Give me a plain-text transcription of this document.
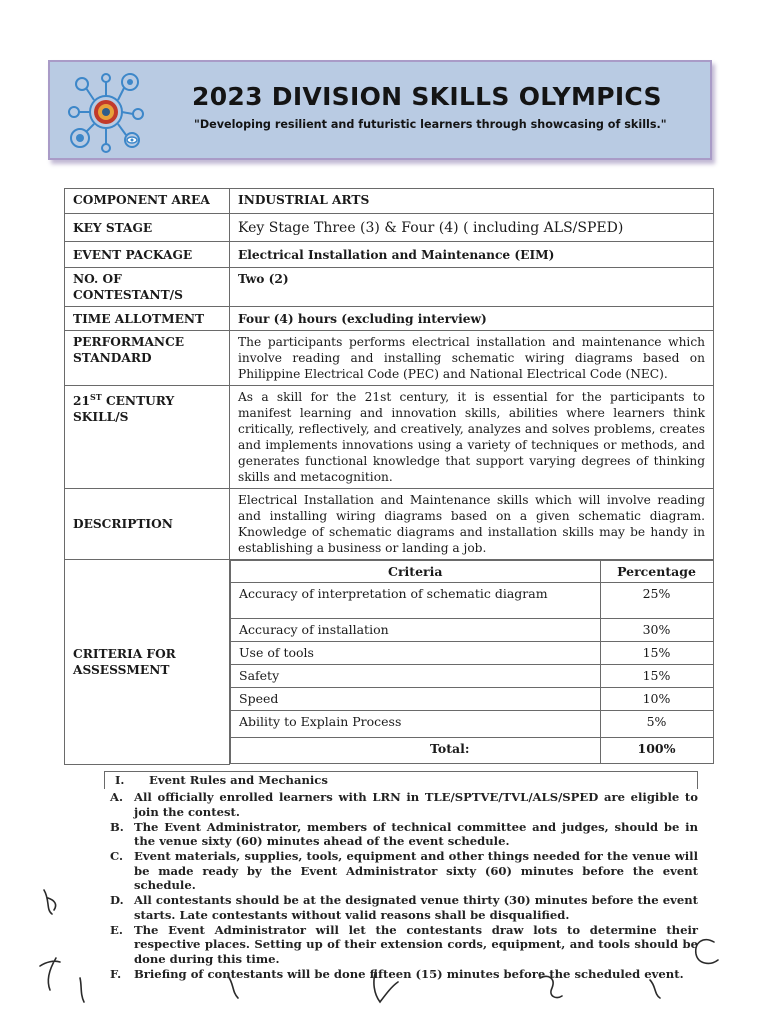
2023 DIVISION SKILLS OLYMPICS
"Developing resilient and futuristic learners through showcasing of skills."
COMPONENT AREA	INDUSTRIAL ARTS
KEY STAGE	Key Stage Three (3) & Four (4) ( including ALS/SPED)
EVENT PACKAGE	Electrical Installation and Maintenance (EIM)
NO. OF CONTESTANT/S	Two (2)
TIME ALLOTMENT	Four (4) hours (excluding interview)
PERFORMANCE STANDARD	The participants performs electrical installation and maintenance which involve reading and installing schematic wiring diagrams based on Philippine Electrical Code (PEC) and National Electrical Code (NEC).
21ST CENTURY SKILL/S	As a skill for the 21st century, it is essential for the participants to manifest learning and innovation skills, abilities where learners think critically, reflectively, and creatively, analyzes and solves problems, creates and implements innovations using a variety of techniques or methods, and generates functional knowledge that support varying degrees of thinking skills and metacognition.
DESCRIPTION	Electrical Installation and Maintenance skills which will involve reading and installing wiring diagrams based on a given schematic diagram. Knowledge of schematic diagrams and installation skills may be handy in establishing a business or landing a job.
CRITERIA FOR ASSESSMENT	
Criteria	Percentage
Accuracy of interpretation of schematic diagram	25%
Accuracy of installation	30%
Use of tools	15%
Safety	15%
Speed	10%
Ability to Explain Process	5%
Total:	100%
I. Event Rules and Mechanics
A. All officially enrolled learners with LRN in TLE/SPTVE/TVL/ALS/SPED are eligible to join the contest.
B. The Event Administrator, members of technical committee and judges, should be in the venue sixty (60) minutes ahead of the event schedule.
C. Event materials, supplies, tools, equipment and other things needed for the venue will be made ready by the Event Administrator sixty (60) minutes before the event schedule.
D. All contestants should be at the designated venue thirty (30) minutes before the event starts. Late contestants without valid reasons shall be disqualified.
E. The Event Administrator will let the contestants draw lots to determine their respective places. Setting up of their extension cords, equipment, and tools should be done during this time.
F.	Briefing of contestants will be done fifteen (15) minutes before the scheduled event.
